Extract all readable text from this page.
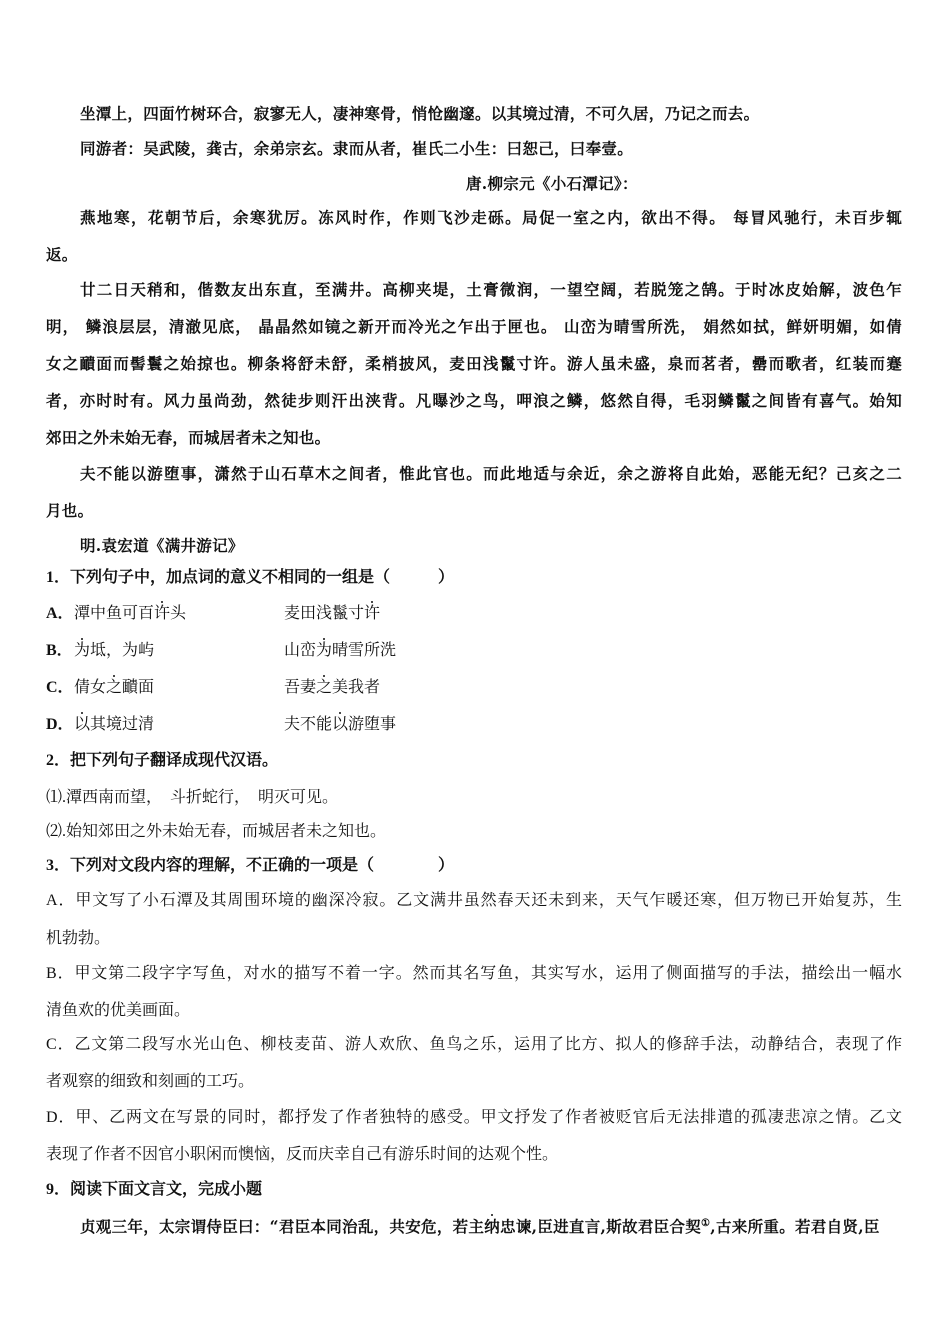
坐潭上，四面竹树环合，寂寥无人，凄神寒骨，悄怆幽邃。以其境过清，不可久居，乃记之而去。
同游者：吴武陵，龚古，余弟宗玄。隶而从者，崔氏二小生：曰恕己，曰奉壹。
唐.柳宗元《小石潭记》：
燕地寒，花朝节后，余寒犹厉。冻风时作，作则飞沙走砾。局促一室之内，欲出不得。 每冒风驰行，未百步辄
返。
廿二日天稍和，偕数友出东直，至满井。高柳夹堤，土膏微润，一望空阔，若脱笼之鹄。于时冰皮始解，波色乍
明， 鳞浪层层，清澈见底， 晶晶然如镜之新开而冷光之乍出于匣也。 山峦为晴雪所洗， 娟然如拭，鲜妍明媚，如倩
女之靧面而髻鬟之始掠也。柳条将舒未舒，柔梢披风，麦田浅鬣寸许。游人虽未盛，泉而茗者，罍而歌者，红装而蹇
者，亦时时有。风力虽尚劲，然徒步则汗出浃背。凡曝沙之鸟，呷浪之鳞，悠然自得，毛羽鳞鬣之间皆有喜气。始知
郊田之外未始无春，而城居者未之知也。
夫不能以游堕事，潇然于山石草木之间者，惟此官也。而此地适与余近，余之游将自此始，恶能无纪？己亥之二
月也。
明.袁宏道《满井游记》
1．下列句子中，加点词的意义不相同的一组是（　　　）
A． 潭中鱼可百许头	麦田浅鬣寸许
B． 为坻，为屿	山峦为晴雪所洗
C． 倩女之靧面	吾妻之美我者
D． 以其境过清	夫不能以游堕事
2．把下列句子翻译成现代汉语。
⑴.潭西南而望，　斗折蛇行，　明灭可见。
⑵.始知郊田之外未始无春，而城居者未之知也。
3．下列对文段内容的理解，不正确的一项是（　　　　）
A．甲文写了小石潭及其周围环境的幽深冷寂。乙文满井虽然春天还未到来，天气乍暖还寒，但万物已开始复苏，生
机勃勃。
B．甲文第二段字字写鱼，对水的描写不着一字。然而其名写鱼，其实写水，运用了侧面描写的手法，描绘出一幅水
清鱼欢的优美画面。
C．乙文第二段写水光山色、柳枝麦苗、游人欢欣、鱼鸟之乐，运用了比方、拟人的修辞手法，动静结合，表现了作
者观察的细致和刻画的工巧。
D．甲、乙两文在写景的同时，都抒发了作者独特的感受。甲文抒发了作者被贬官后无法排遣的孤凄悲凉之情。乙文
表现了作者不因官小职闲而懊恼，反而庆幸自己有游乐时间的达观个性。
9．阅读下面文言文，完成小题
贞观三年，太宗谓侍臣曰：“君臣本同治乱，共安危，若主纳忠谏,臣进直言,斯故君臣合契①,古来所重。若君自贤,臣
